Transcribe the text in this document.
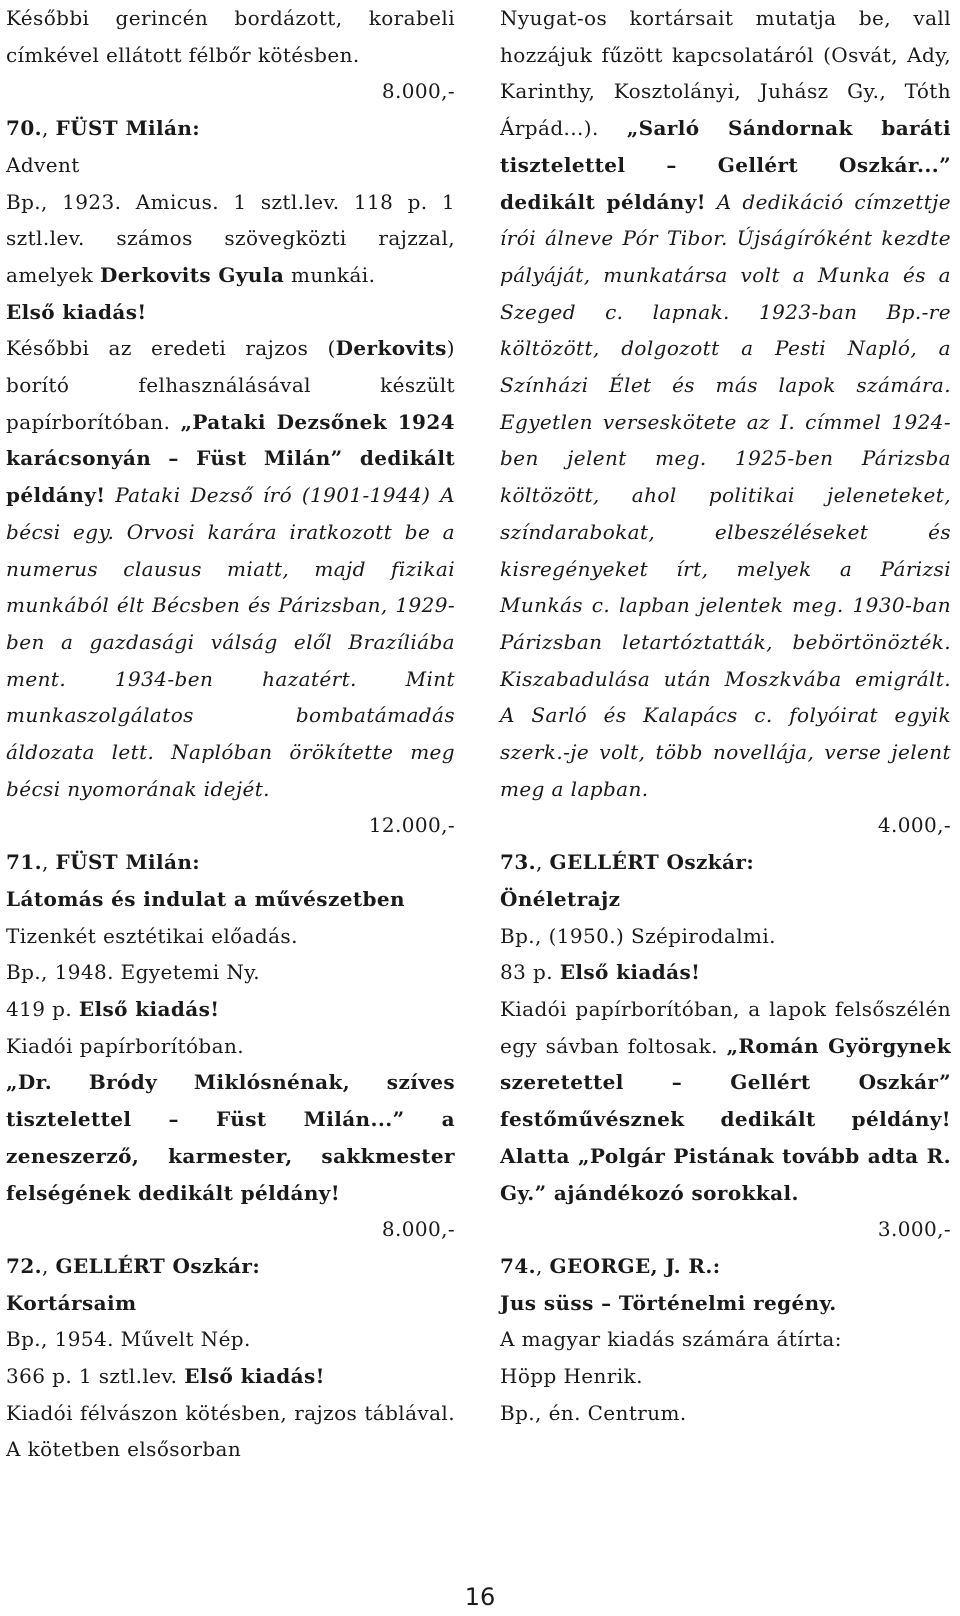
Későbbi gerincén bordázott, korabeli címkével ellátott félbőr kötésben.

8.000,-

70., FÜST Milán:

Advent

Bp., 1923. Amicus. 1 sztl.lev. 118 p. 1 sztl.lev. számos szövegközti rajzzal, amelyek Derkovits Gyula munkái.
Első kiadás!
Későbbi az eredeti rajzos (Derkovits) borító felhasználásával készült papírborítóban. „Pataki Dezsőnek 1924 karácsonyán – Füst Milán” dedikált példány! Pataki Dezső író (1901-1944) A bécsi egy. Orvosi karára iratkozott be a numerus clausus miatt, majd fizikai munkából élt Bécsben és Párizsban, 1929-ben a gazdasági válság elől Brazíliába ment. 1934-ben hazatért. Mint munkaszolgálatos bombatámadás áldozata lett. Naplóban örökítette meg bécsi nyomorának idejét.

12.000,-

71., FÜST Milán:

Látomás és indulat a művészetben

Tizenkét esztétikai előadás.

Bp., 1948. Egyetemi Ny.

419 p. Első kiadás!

Kiadói papírborítóban.

„Dr. Bródy Miklósnénak, szíves tisztelettel – Füst Milán...” a zeneszerző, karmester, sakkmester felségének dedikált példány!

8.000,-

72., GELLÉRT Oszkár:

Kortársaim

Bp., 1954. Művelt Nép.

366 p. 1 sztl.lev. Első kiadás!

Kiadói félvászon kötésben, rajzos táblával. A kötetben elsősorban

Nyugat-os kortársait mutatja be, vall hozzájuk fűzött kapcsolatáról (Osvát, Ady, Karinthy, Kosztolányi, Juhász Gy., Tóth Árpád...). „Sarló Sándornak baráti tisztelettel – Gellért Oszkár...” dedikált példány! A dedikáció címzettje írói álneve Pór Tibor. Újságíróként kezdte pályáját, munkatársa volt a Munka és a Szeged c. lapnak. 1923-ban Bp.-re költözött, dolgozott a Pesti Napló, a Színházi Élet és más lapok számára. Egyetlen verseskötete az I. címmel 1924-ben jelent meg. 1925-ben Párizsba költözött, ahol politikai jeleneteket, színdarabokat, elbeszéléseket és kisregényeket írt, melyek a Párizsi Munkás c. lapban jelentek meg. 1930-ban Párizsban letartóztatták, bebörtönözték. Kiszabadulása után Moszkvába emigrált. A Sarló és Kalapács c. folyóirat egyik szerk.-je volt, több novellája, verse jelent meg a lapban.

4.000,-

73., GELLÉRT Oszkár:

Önéletrajz

Bp., (1950.) Szépirodalmi.

83 p. Első kiadás!

Kiadói papírborítóban, a lapok felsőszélén egy sávban foltosak. „Román Györgynek szeretettel – Gellért Oszkár” festőművésznek dedikált példány! Alatta „Polgár Pistának tovább adta R. Gy.” ajándékozó sorokkal.

3.000,-

74., GEORGE, J. R.:

Jus süss – Történelmi regény.

A magyar kiadás számára átírta:

Höpp Henrik.

Bp., én. Centrum.

16
